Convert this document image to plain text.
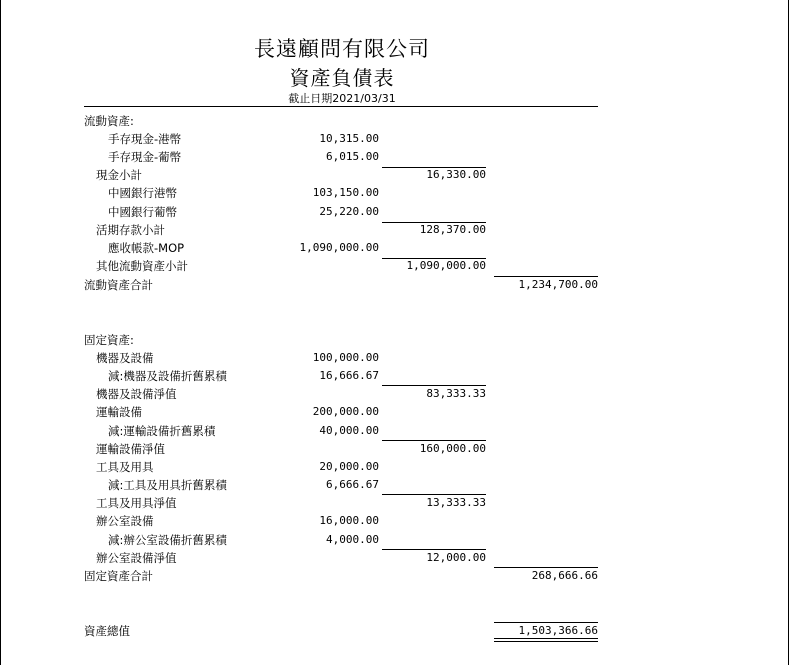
長遠顧問有限公司
資產負債表
截止日期2021/03/31
流動資產:
手存現金-港幣	10,315.00
手存現金-葡幣	6,015.00
現金小計	16,330.00
中國銀行港幣	103,150.00
中國銀行葡幣	25,220.00
活期存款小計	128,370.00
應收帳款-MOP	1,090,000.00
其他流動資產小計	1,090,000.00
流動資產合計	1,234,700.00
固定資產:
機器及設備	100,000.00
減:機器及設備折舊累積	16,666.67
機器及設備淨值	83,333.33
運輸設備	200,000.00
減:運輸設備折舊累積	40,000.00
運輸設備淨值	160,000.00
工具及用具	20,000.00
減:工具及用具折舊累積	6,666.67
工具及用具淨值	13,333.33
辦公室設備	16,000.00
減:辦公室設備折舊累積	4,000.00
辦公室設備淨值	12,000.00
固定資產合計	268,666.66
資產總值	1,503,366.66
